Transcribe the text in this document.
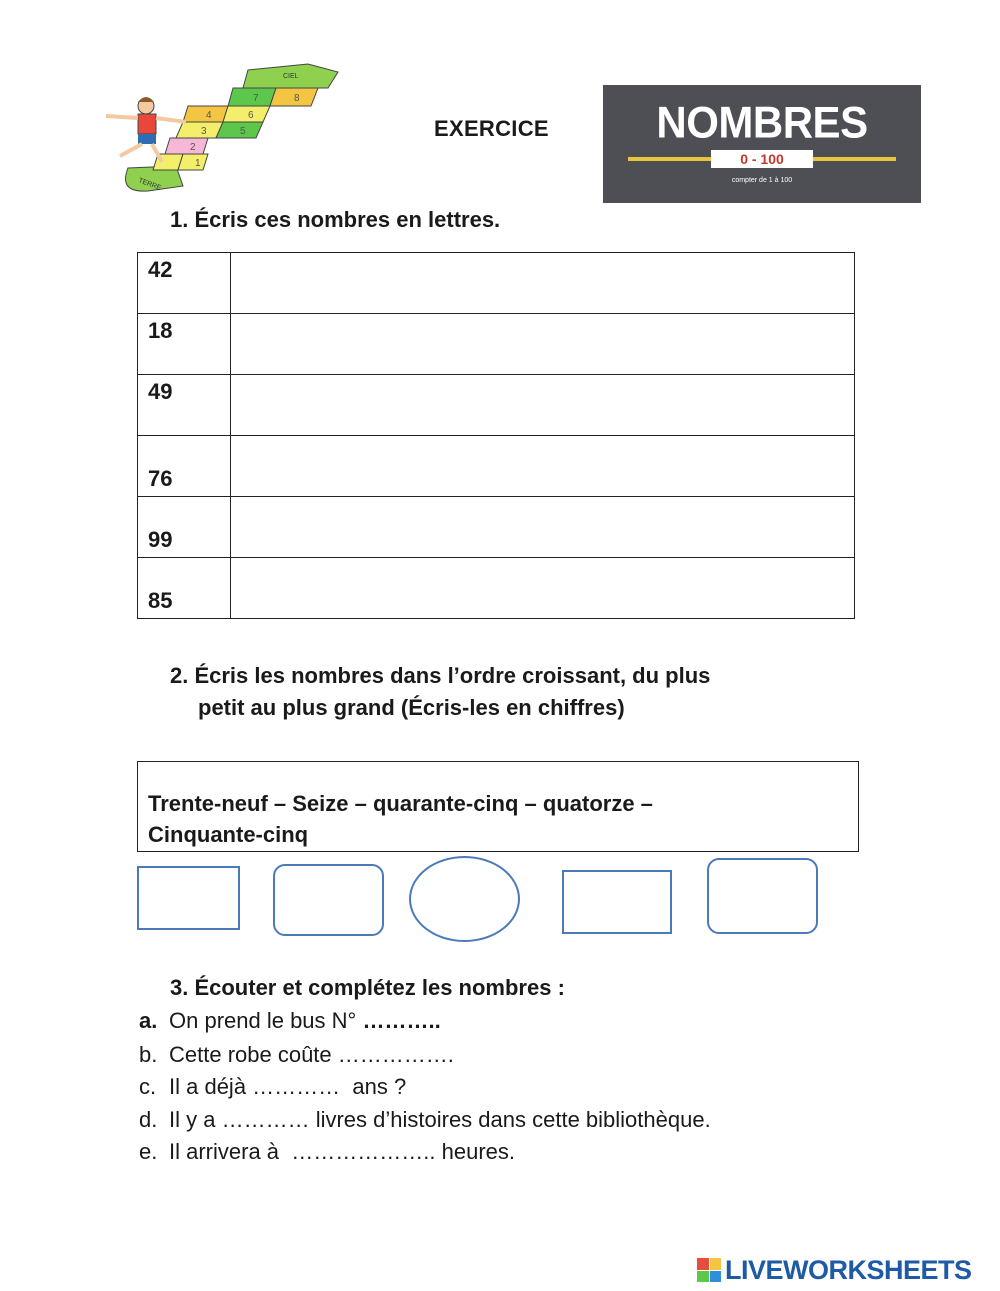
TERRE
CIEL
1
2
3
4
5
6
7	8
EXERCICE	NOMBRES
0 - 100
compter de 1 à 100
1. Écris ces nombres en lettres.
42	
18	
49	
76	
99	
85	
2. Écris les nombres dans l’ordre croissant, du plus
petit au plus grand (Écris-les en chiffres)
Trente-neuf – Seize – quarante-cinq – quatorze –
Cinquante-cinq
3. Écouter et complétez les nombres :
a. On prend le bus N° ………..
b. Cette robe coûte …………….
c. Il a déjà …………  ans ?
d. Il y a ………… livres d’histoires dans cette bibliothèque.
e. Il arrivera à  ……………….. heures.
LIVEWORKSHEETS
